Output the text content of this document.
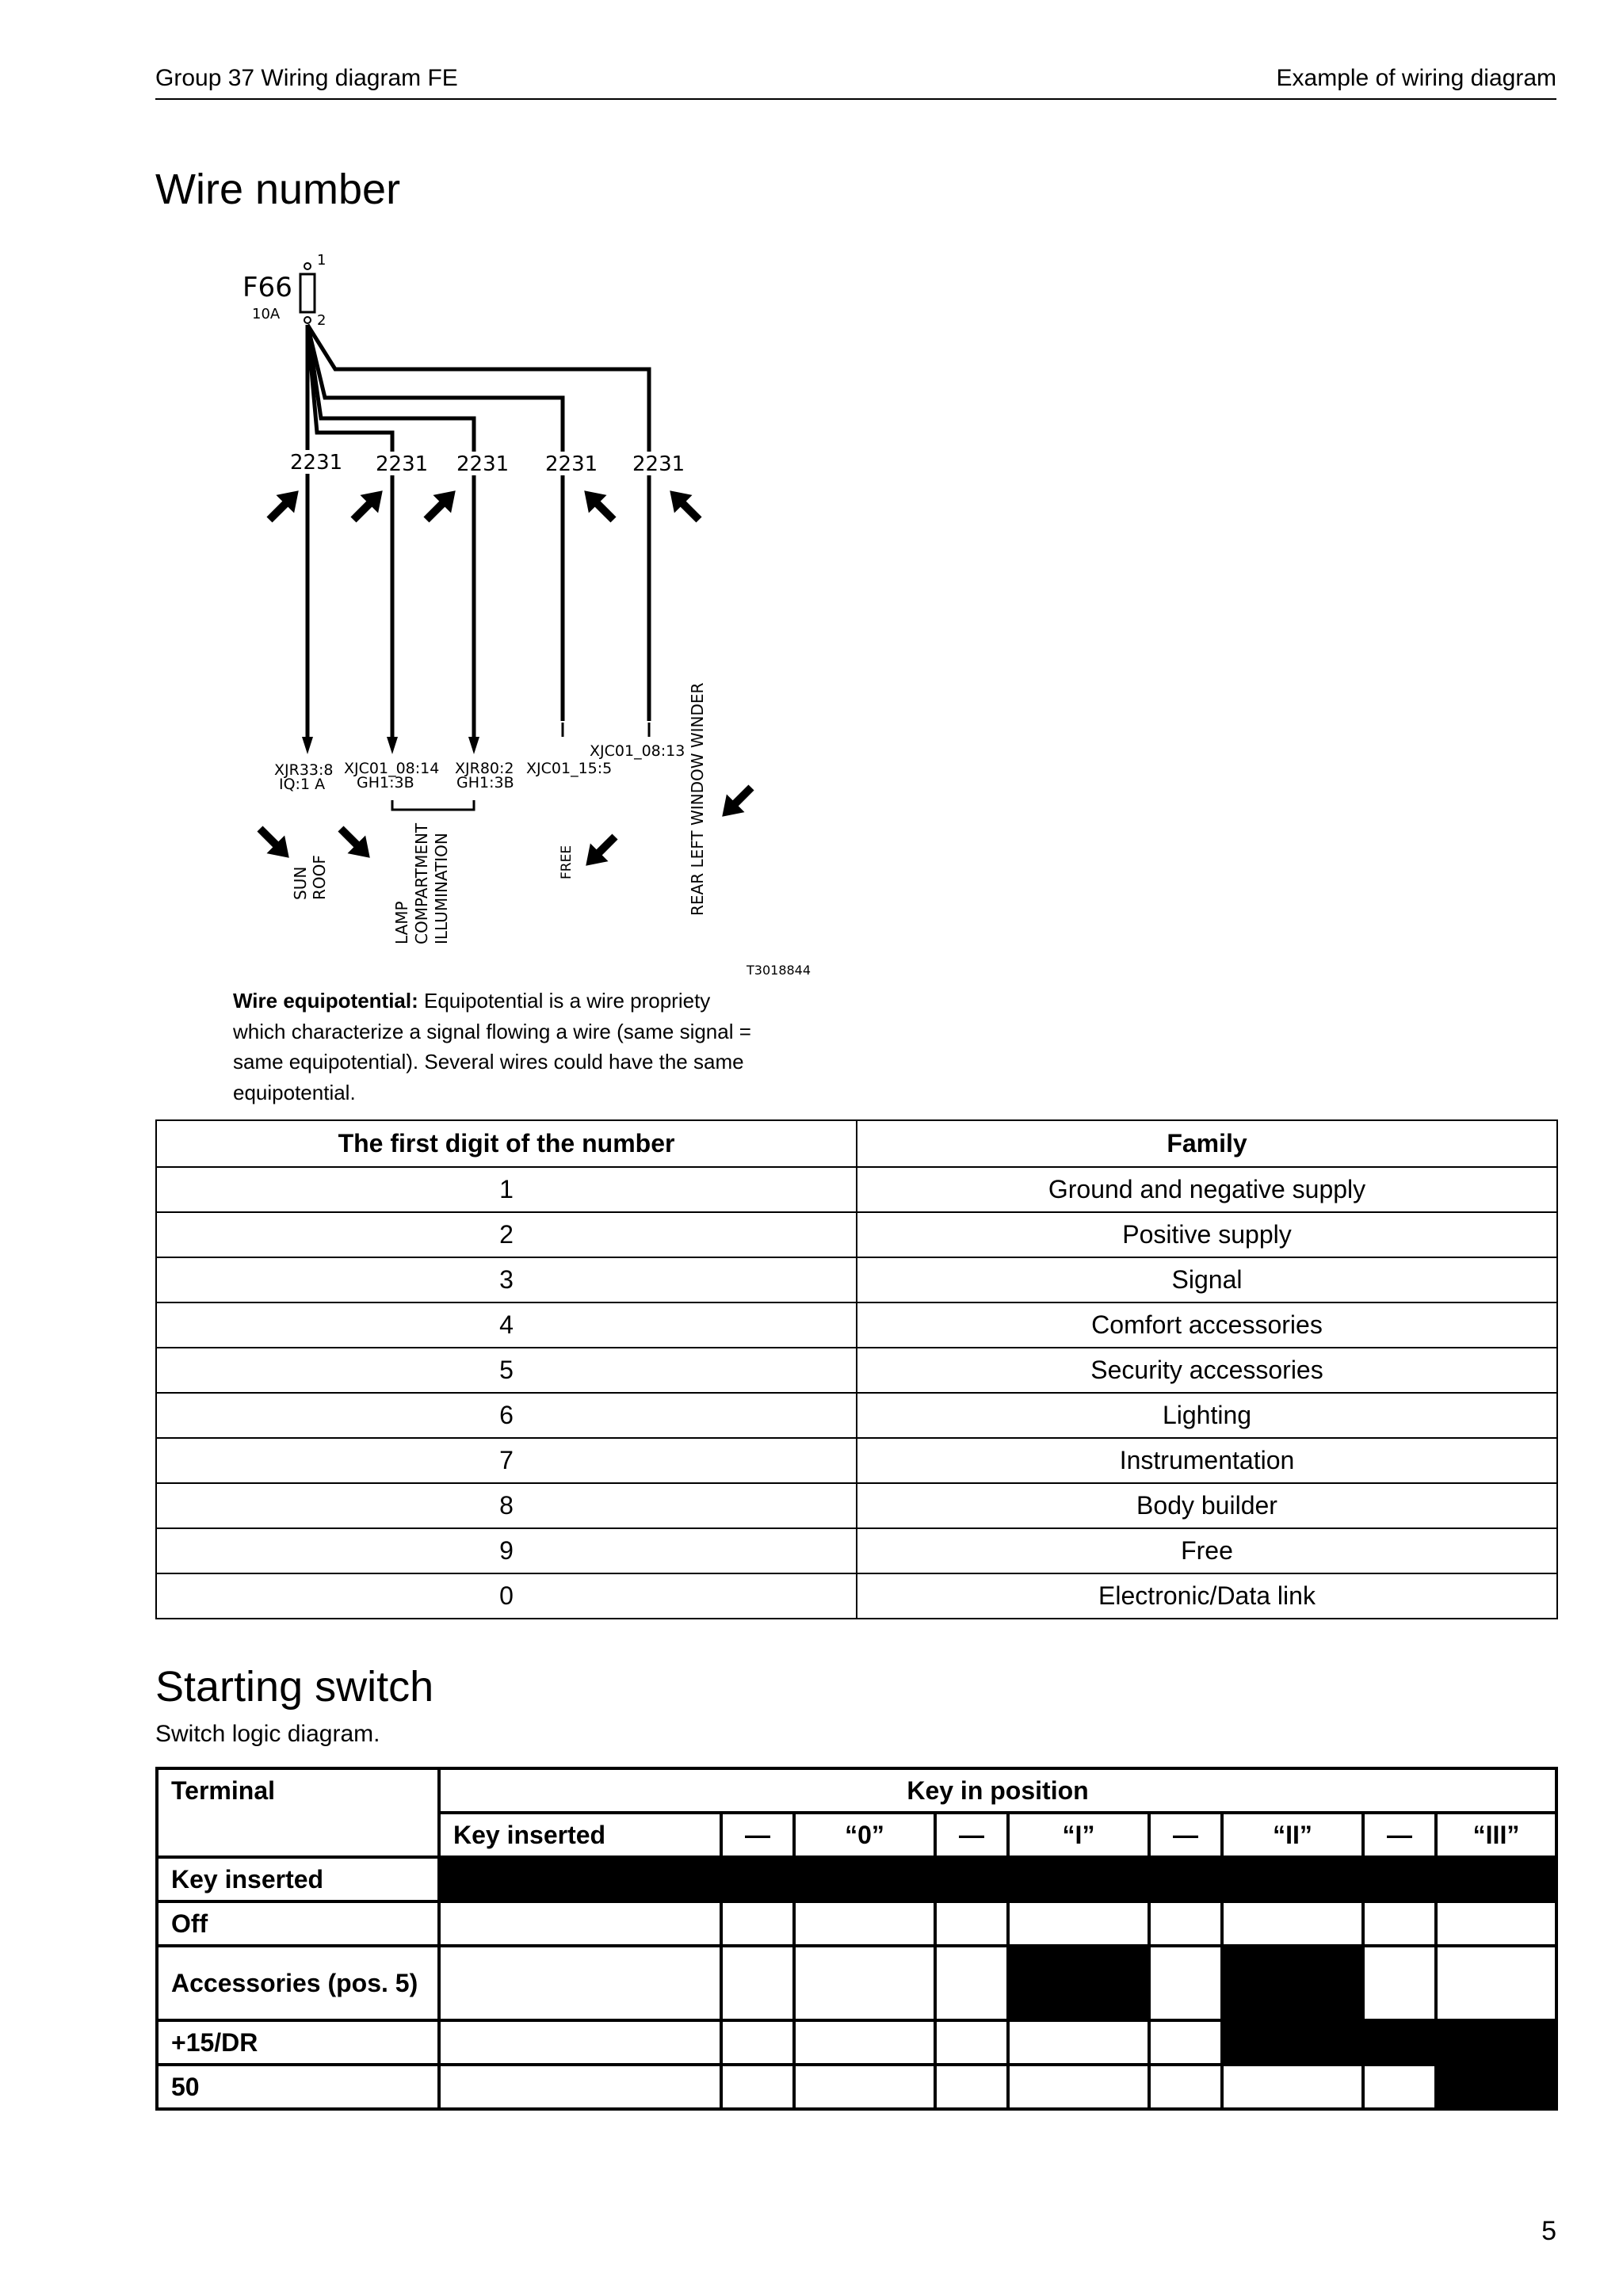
Group 37 Wiring diagram FE	Example of wiring diagram
Wire number
F66
10A
1
2
2231 2231 2231 2231 2231
XJR33:8
IQ:1 A
XJC01_08:14
GH1:3B
XJR80:2
GH1:3B
XJC01_15:5
XJC01_08:13
SUN ROOF
LAMP COMPARTMENT ILLUMINATION	FREE	REAR LEFT WINDOW WINDER
T3018844
Wire equipotential: Equipotential is a wire propriety which characterize a signal flowing a wire (same signal = same equipotential). Several wires could have the same equipotential.
The first digit of the number	Family
1	Ground and negative supply
2	Positive supply
3	Signal
4	Comfort accessories
5	Security accessories
6	Lighting
7	Instrumentation
8	Body builder
9	Free
0	Electronic/Data link
Starting switch
Switch logic diagram.
Terminal	Key in position								
	Key inserted	—	“0”	—	“I”	—	“II”	—	“III”
Key inserted									
Off									
Accessories (pos. 5)									
+15/DR									
50									
5
